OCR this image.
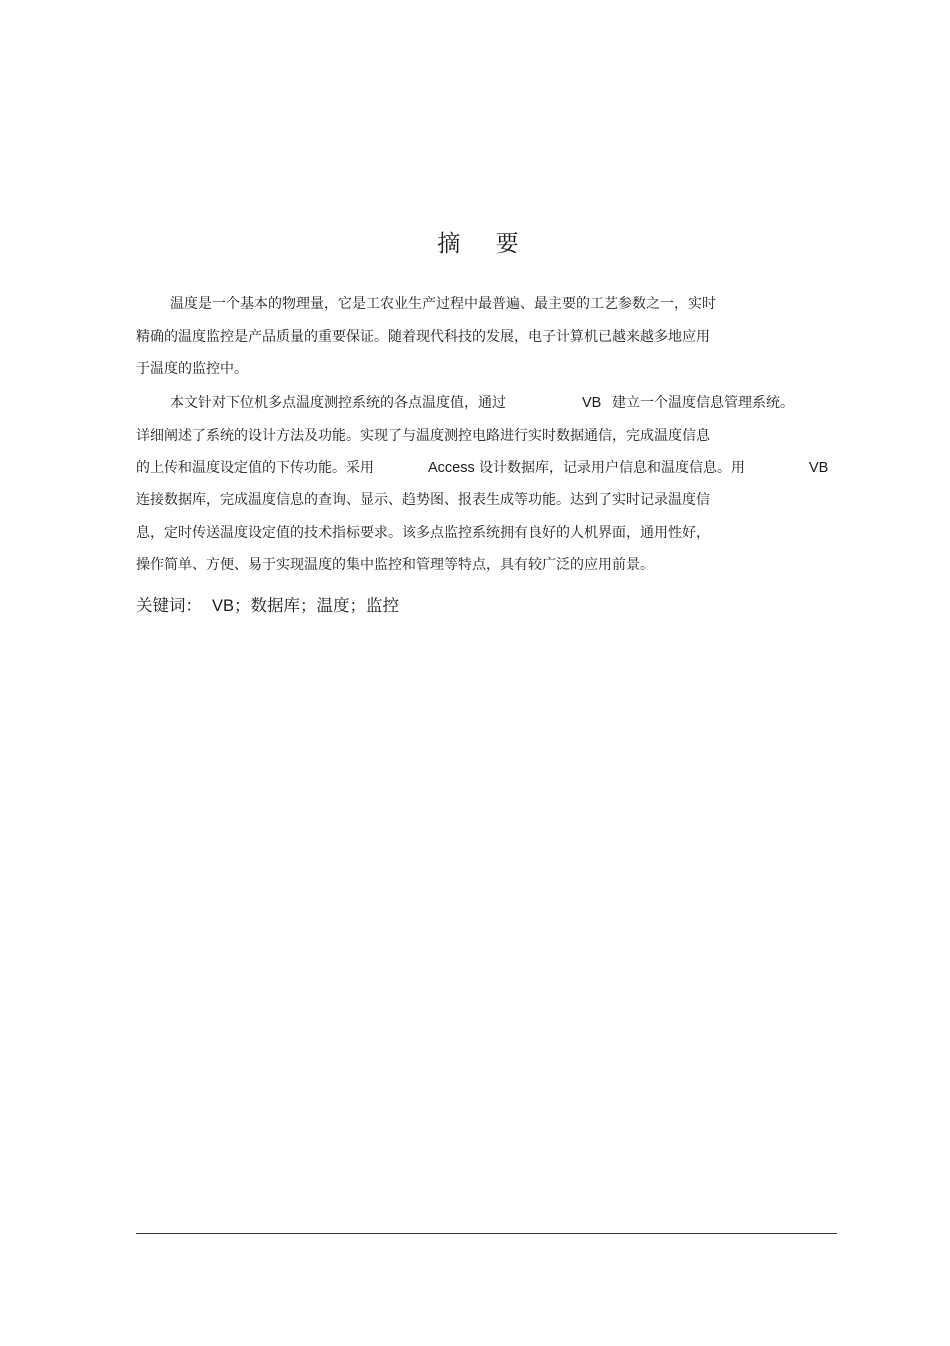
摘 要
温度是一个基本的物理量，它是工农业生产过程中最普遍、最主要的工艺参数之一，实时
精确的温度监控是产品质量的重要保证。随着现代科技的发展，电子计算机已越来越多地应用
于温度的监控中。
本文针对下位机多点温度测控系统的各点温度值，通过	VB 建立一个温度信息管理系统。
详细阐述了系统的设计方法及功能。实现了与温度测控电路进行实时数据通信，完成温度信息
的上传和温度设定值的下传功能。采用	Access 设计数据库，记录用户信息和温度信息。用	VB
连接数据库，完成温度信息的查询、显示、趋势图、报表生成等功能。达到了实时记录温度信
息，定时传送温度设定值的技术指标要求。该多点监控系统拥有良好的人机界面，通用性好，
操作简单、方便、易于实现温度的集中监控和管理等特点，具有较广泛的应用前景。
关键词： VB；数据库；温度；监控
